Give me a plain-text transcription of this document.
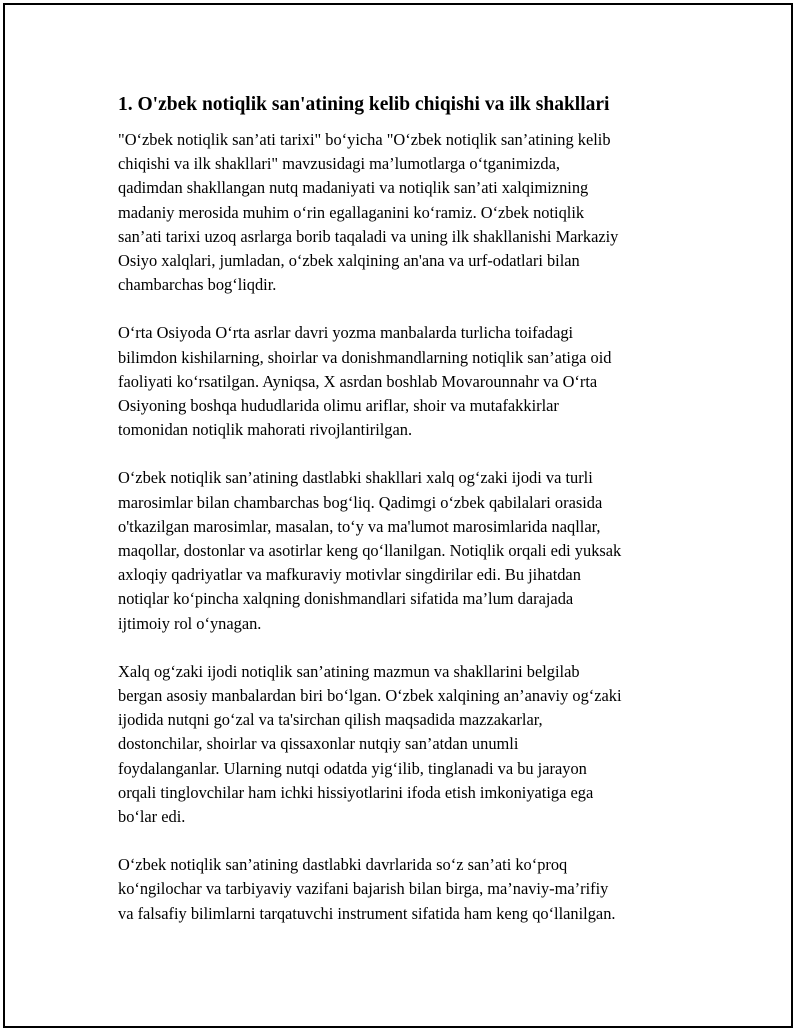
1. O'zbek notiqlik san'atining kelib chiqishi va ilk shakllari

"O‘zbek notiqlik san’ati tarixi" bo‘yicha "O‘zbek notiqlik san’atining kelib
chiqishi va ilk shakllari" mavzusidagi ma’lumotlarga o‘tganimizda,
qadimdan shakllangan nutq madaniyati va notiqlik san’ati xalqimizning
madaniy merosida muhim o‘rin egallaganini ko‘ramiz. O‘zbek notiqlik
san’ati tarixi uzoq asrlarga borib taqaladi va uning ilk shakllanishi Markaziy
Osiyo xalqlari, jumladan, o‘zbek xalqining an'ana va urf-odatlari bilan
chambarchas bog‘liqdir.

O‘rta Osiyoda O‘rta asrlar davri yozma manbalarda turlicha toifadagi
bilimdon kishilarning, shoirlar va donishmandlarning notiqlik san’atiga oid
faoliyati ko‘rsatilgan. Ayniqsa, X asrdan boshlab Movarounnahr va O‘rta
Osiyoning boshqa hududlarida olimu ariflar, shoir va mutafakkirlar
tomonidan notiqlik mahorati rivojlantirilgan.

O‘zbek notiqlik san’atining dastlabki shakllari xalq og‘zaki ijodi va turli
marosimlar bilan chambarchas bog‘liq. Qadimgi o‘zbek qabilalari orasida
o'tkazilgan marosimlar, masalan, to‘y va ma'lumot marosimlarida naqllar,
maqollar, dostonlar va asotirlar keng qo‘llanilgan. Notiqlik orqali edi yuksak
axloqiy qadriyatlar va mafkuraviy motivlar singdirilar edi. Bu jihatdan
notiqlar ko‘pincha xalqning donishmandlari sifatida ma’lum darajada
ijtimoiy rol o‘ynagan.

Xalq og‘zaki ijodi notiqlik san’atining mazmun va shakllarini belgilab
bergan asosiy manbalardan biri bo‘lgan. O‘zbek xalqining an’anaviy og‘zaki
ijodida nutqni go‘zal va ta'sirchan qilish maqsadida mazzakarlar,
dostonchilar, shoirlar va qissaxonlar nutqiy san’atdan unumli
foydalanganlar. Ularning nutqi odatda yig‘ilib, tinglanadi va bu jarayon
orqali tinglovchilar ham ichki hissiyotlarini ifoda etish imkoniyatiga ega
bo‘lar edi.

O‘zbek notiqlik san’atining dastlabki davrlarida so‘z san’ati ko‘proq
ko‘ngilochar va tarbiyaviy vazifani bajarish bilan birga, ma’naviy-ma’rifiy
va falsafiy bilimlarni tarqatuvchi instrument sifatida ham keng qo‘llanilgan.
